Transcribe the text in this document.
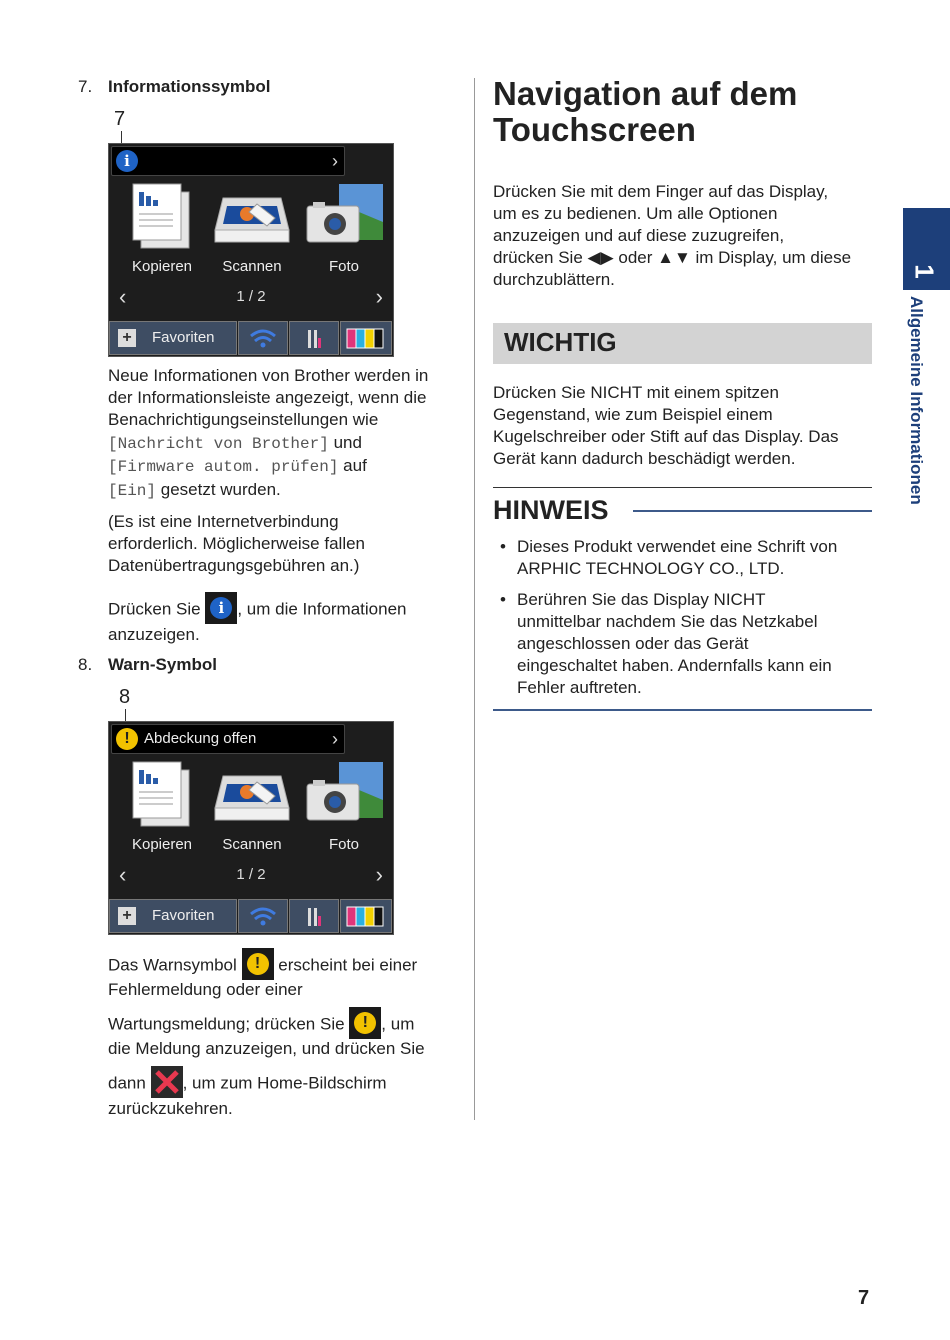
7. Informationssymbol
7
i	›
Kopieren	Scannen	Foto
‹	1 / 2	›
+ Favoriten
Neue Informationen von Brother werden in
der Informationsleiste angezeigt, wenn die
Benachrichtigungseinstellungen wie
[Nachricht von Brother] und
[Firmware autom. prüfen] auf
[Ein] gesetzt wurden.
(Es ist eine Internetverbindung
erforderlich. Möglicherweise fallen
Datenübertragungsgebühren an.)
Drücken Sie	i , um die Informationen
anzuzeigen.
8. Warn-Symbol
8
! Abdeckung offen	›
Kopieren	Scannen	Foto
‹	1 / 2	›
+ Favoriten
Das Warnsymbol	!	erscheint bei einer
Fehlermeldung oder einer
Wartungsmeldung; drücken Sie	! , um
die Meldung anzuzeigen, und drücken Sie
dann , um zum Home-Bildschirm
zurückzukehren.
Navigation auf dem
Touchscreen
Drücken Sie mit dem Finger auf das Display,
um es zu bedienen. Um alle Optionen
anzuzeigen und auf diese zuzugreifen,
drücken Sie ◀▶ oder ▲▼ im Display, um diese
durchzublättern.
WICHTIG
Drücken Sie NICHT mit einem spitzen
Gegenstand, wie zum Beispiel einem
Kugelschreiber oder Stift auf das Display. Das
Gerät kann dadurch beschädigt werden.
HINWEIS
• Dieses Produkt verwendet eine Schrift von
ARPHIC TECHNOLOGY CO., LTD.
• Berühren Sie das Display NICHT
unmittelbar nachdem Sie das Netzkabel
angeschlossen oder das Gerät
eingeschaltet haben. Andernfalls kann ein
Fehler auftreten.
1
Allgemeine Informationen
7
